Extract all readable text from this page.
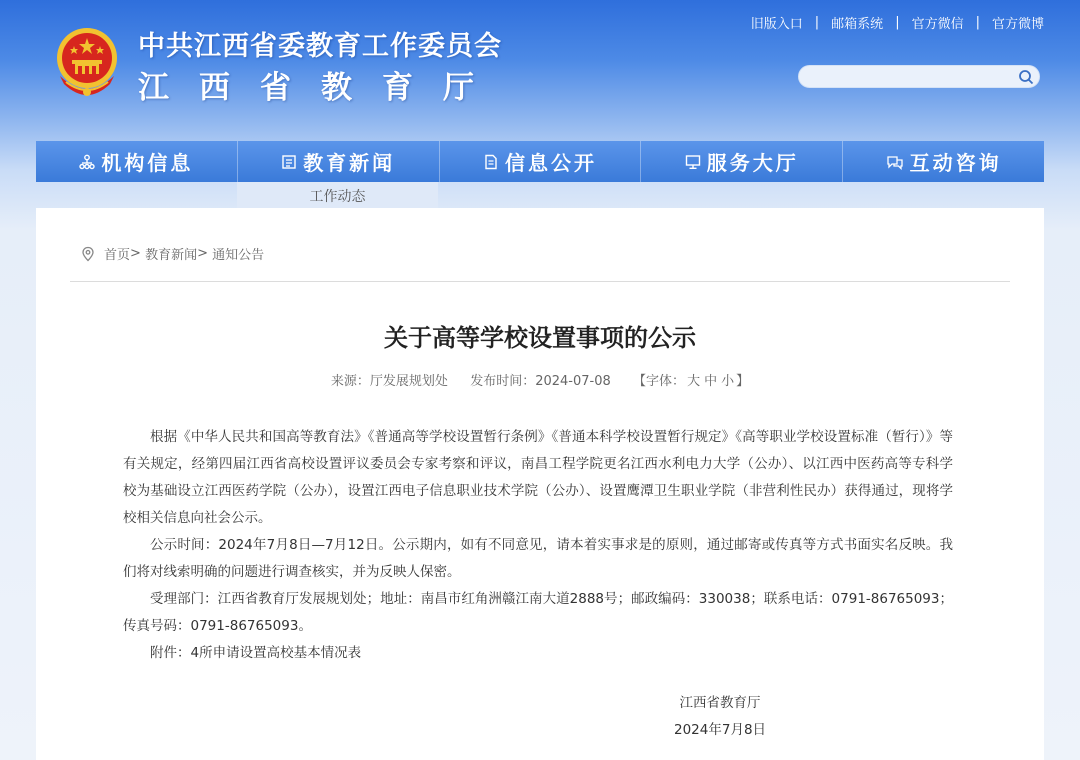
中共江西省委教育工作委员会
江西省教育厅
旧版入口 | 邮箱系统 | 官方微信 | 官方微博
机构信息	教育新闻	信息公开	服务大厅	互动咨询
工作动态
首页 >
教育新闻 >
通知公告
关于高等学校设置事项的公示
来源：厅发展规划处 发布时间：2024-07-08 【字体： 大 中 小 】

根据《中华人民共和国高等教育法》《普通高等学校设置暂行条例》《普通本科学校设置暂行规定》《高等职业学校设置标准（暂行）》等有关规定，经第四届江西省高校设置评议委员会专家考察和评议，南昌工程学院更名江西水利电力大学（公办）、以江西中医药高等专科学校为基础设立江西医药学院（公办），设置江西电子信息职业技术学院（公办）、设置鹰潭卫生职业学院（非营利性民办）获得通过，现将学校相关信息向社会公示。

公示时间：2024年7月8日—7月12日。公示期内，如有不同意见，请本着实事求是的原则，通过邮寄或传真等方式书面实名反映。我们将对线索明确的问题进行调查核实，并为反映人保密。

受理部门：江西省教育厅发展规划处；地址：南昌市红角洲赣江南大道2888号；邮政编码：330038；联系电话：0791-86765093；传真号码：0791-86765093。

附件：4所申请设置高校基本情况表

江西省教育厅
2024年7月8日
